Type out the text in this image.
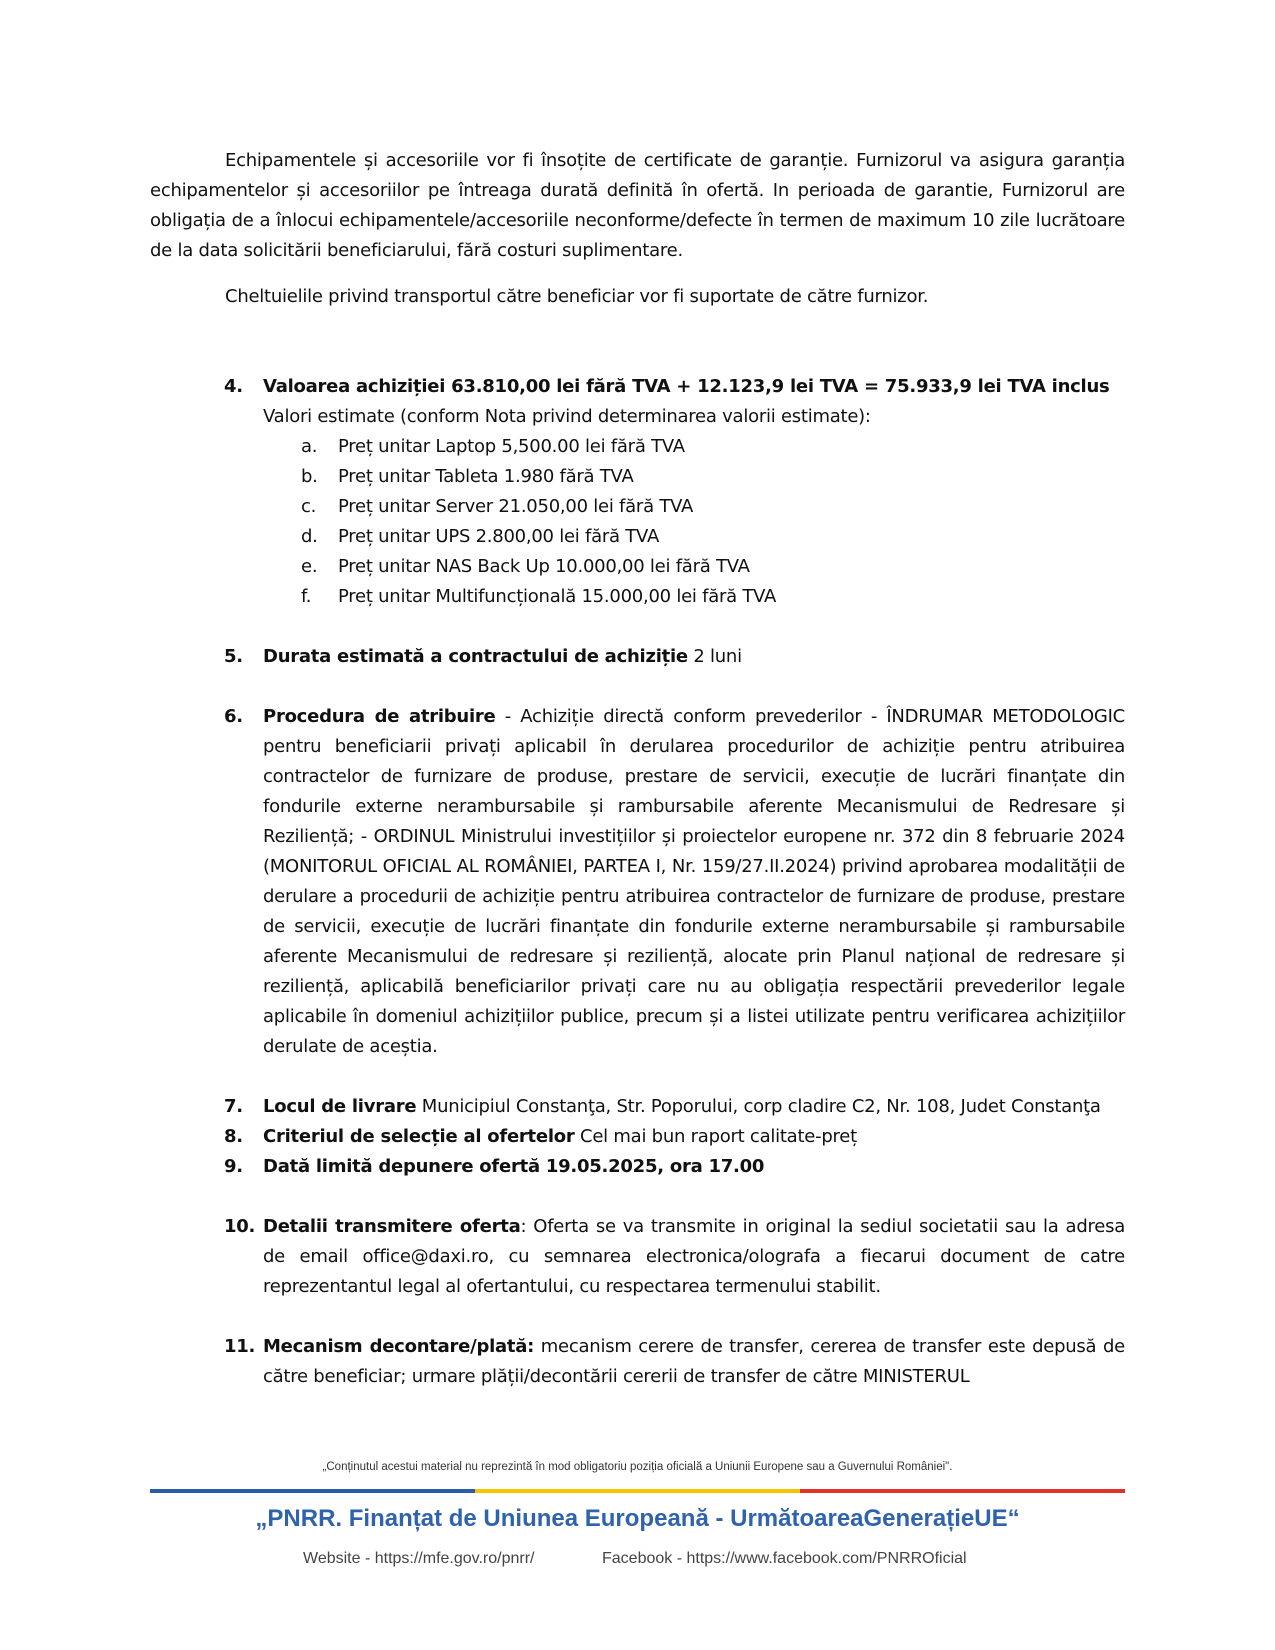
Echipamentele și accesoriile vor fi însoțite de certificate de garanție. Furnizorul va asigura garanția echipamentelor și accesoriilor pe întreaga durată definită în ofertă. In perioada de garantie, Furnizorul are obligația de a înlocui echipamentele/accesoriile neconforme/defecte în termen de maximum 10 zile lucrătoare de la data solicitării beneficiarului, fără costuri suplimentare.

Cheltuielile privind transportul către beneficiar vor fi suportate de către furnizor.

4. Valoarea achiziției 63.810,00 lei fără TVA + 12.123,9 lei TVA = 75.933,9 lei TVA inclus
Valori estimate (conform Nota privind determinarea valorii estimate):
a. Preț unitar Laptop 5,500.00 lei fără TVA
b. Preț unitar Tableta 1.980 fără TVA
c. Preț unitar Server 21.050,00 lei fără TVA
d. Preț unitar UPS 2.800,00 lei fără TVA
e. Preț unitar NAS Back Up 10.000,00 lei fără TVA
f. Preț unitar Multifuncțională 15.000,00 lei fără TVA
5. Durata estimată a contractului de achiziție 2 luni
6. Procedura de atribuire - Achiziție directă conform prevederilor - ÎNDRUMAR METODOLOGIC pentru beneficiarii privați aplicabil în derularea procedurilor de achiziție pentru atribuirea contractelor de furnizare de produse, prestare de servicii, execuție de lucrări finanțate din fondurile externe nerambursabile și rambursabile aferente Mecanismului de Redresare și Reziliență; - ORDINUL Ministrului investițiilor și proiectelor europene nr. 372 din 8 februarie 2024 (MONITORUL OFICIAL AL ROMÂNIEI, PARTEA I, Nr. 159/27.II.2024) privind aprobarea modalității de derulare a procedurii de achiziție pentru atribuirea contractelor de furnizare de produse, prestare de servicii, execuție de lucrări finanțate din fondurile externe nerambursabile și rambursabile aferente Mecanismului de redresare și reziliență, alocate prin Planul național de redresare și reziliență, aplicabilă beneficiarilor privați care nu au obligația respectării prevederilor legale aplicabile în domeniul achizițiilor publice, precum și a listei utilizate pentru verificarea achizițiilor derulate de aceștia.
7. Locul de livrare Municipiul Constanţa, Str. Poporului, corp cladire C2, Nr. 108, Judet Constanţa
8. Criteriul de selecție al ofertelor Cel mai bun raport calitate-preț
9. Dată limită depunere ofertă 19.05.2025, ora 17.00
10. Detalii transmitere oferta: Oferta se va transmite in original la sediul societatii sau la adresa de email office@daxi.ro, cu semnarea electronica/olografa a fiecarui document de catre reprezentantul legal al ofertantului, cu respectarea termenului stabilit.
11. Mecanism decontare/plată: mecanism cerere de transfer, cererea de transfer este depusă de către beneficiar; urmare plății/decontării cererii de transfer de către MINISTERUL
„Conținutul acestui material nu reprezintă în mod obligatoriu poziția oficială a Uniunii Europene sau a Guvernului României".
„PNRR. Finanțat de Uniunea Europeană - UrmătoareaGenerațieUE“
Website - https://mfe.gov.ro/pnrr/	Facebook - https://www.facebook.com/PNRROficial
